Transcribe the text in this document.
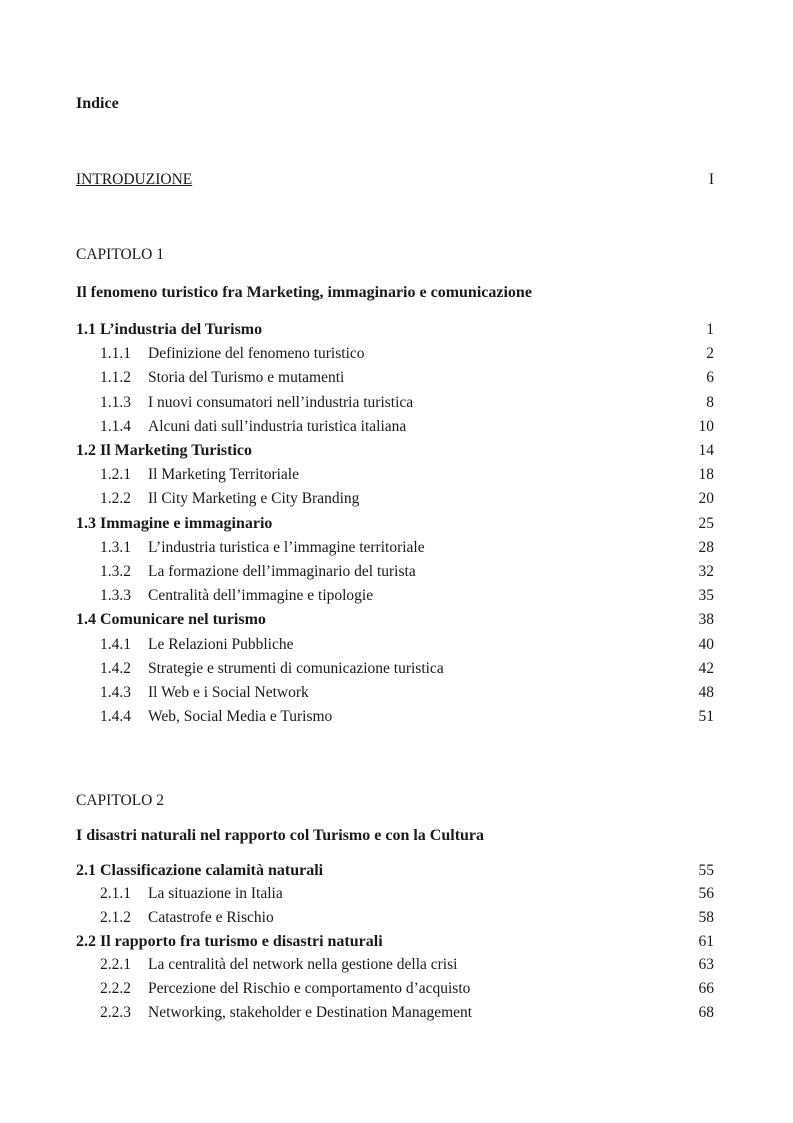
Indice
INTRODUZIONE	I
CAPITOLO 1
Il fenomeno turistico fra Marketing, immaginario e comunicazione
1.1 L’industria del Turismo	1
1.1.1 Definizione del fenomeno turistico	2
1.1.2 Storia del Turismo e mutamenti	6
1.1.3 I nuovi consumatori nell’industria turistica	8
1.1.4 Alcuni dati sull’industria turistica italiana	10
1.2 Il Marketing Turistico	14
1.2.1 Il Marketing Territoriale	18
1.2.2 Il City Marketing e City Branding	20
1.3 Immagine e immaginario	25
1.3.1 L’industria turistica e l’immagine territoriale	28
1.3.2 La formazione dell’immaginario del turista	32
1.3.3 Centralità dell’immagine e tipologie	35
1.4 Comunicare nel turismo	38
1.4.1 Le Relazioni Pubbliche	40
1.4.2 Strategie e strumenti di comunicazione turistica	42
1.4.3 Il Web e i Social Network	48
1.4.4 Web, Social Media e Turismo	51
CAPITOLO 2
I disastri naturali nel rapporto col Turismo e con la Cultura
2.1 Classificazione calamità naturali	55
2.1.1 La situazione in Italia	56
2.1.2 Catastrofe e Rischio	58
2.2 Il rapporto fra turismo e disastri naturali	61
2.2.1 La centralità del network nella gestione della crisi	63
2.2.2 Percezione del Rischio e comportamento d’acquisto	66
2.2.3 Networking, stakeholder e Destination Management	68
